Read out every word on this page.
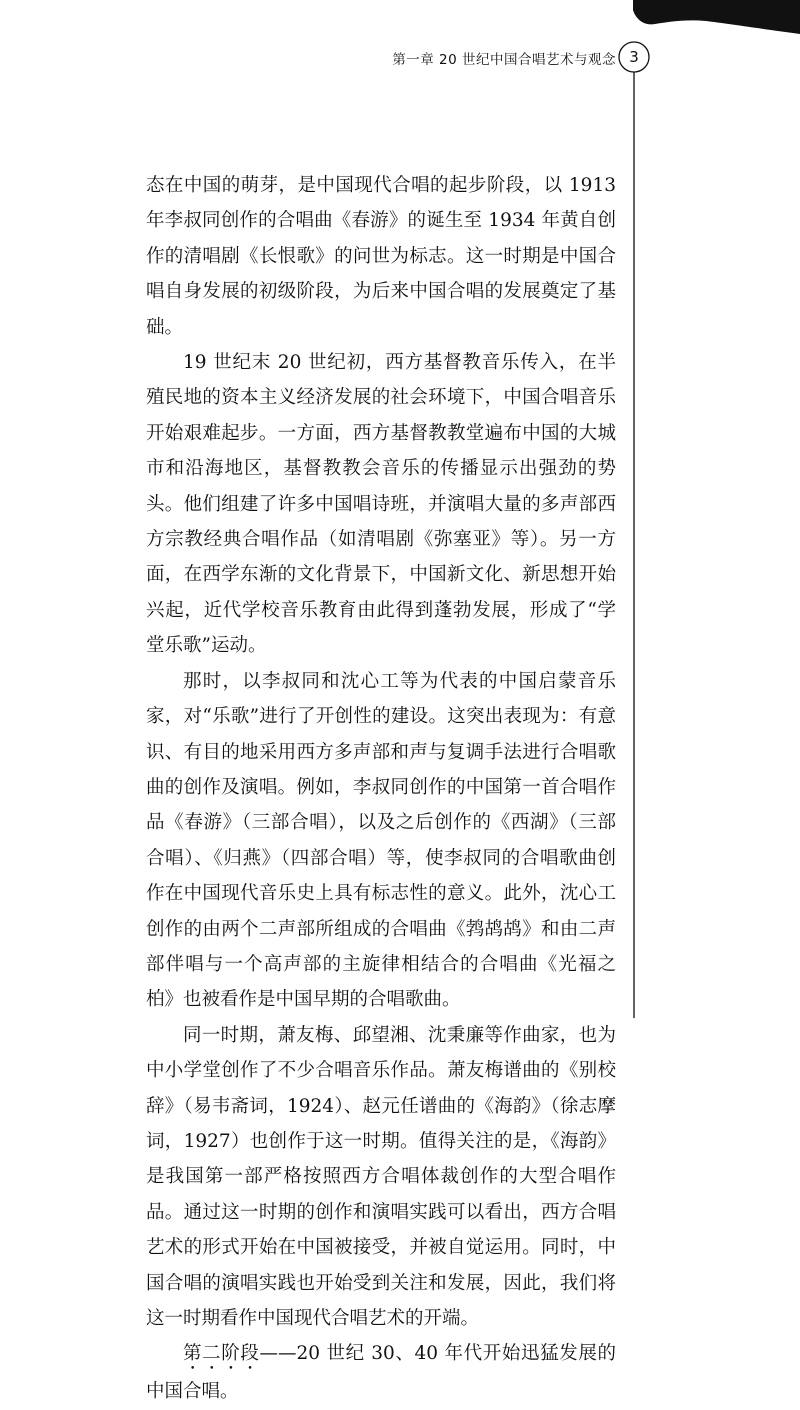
第一章 20 世纪中国合唱艺术与观念 3

态在中国的萌芽，是中国现代合唱的起步阶段，以 1913 年李叔同创作的合唱曲《春游》的诞生至 1934 年黄自创作的清唱剧《长恨歌》的问世为标志。这一时期是中国合唱自身发展的初级阶段，为后来中国合唱的发展奠定了基础。

19 世纪末 20 世纪初，西方基督教音乐传入，在半殖民地的资本主义经济发展的社会环境下，中国合唱音乐开始艰难起步。一方面，西方基督教教堂遍布中国的大城市和沿海地区，基督教教会音乐的传播显示出强劲的势头。他们组建了许多中国唱诗班，并演唱大量的多声部西方宗教经典合唱作品（如清唱剧《弥塞亚》等）。另一方面，在西学东渐的文化背景下，中国新文化、新思想开始兴起，近代学校音乐教育由此得到蓬勃发展，形成了“学堂乐歌”运动。

那时，以李叔同和沈心工等为代表的中国启蒙音乐家，对“乐歌”进行了开创性的建设。这突出表现为：有意识、有目的地采用西方多声部和声与复调手法进行合唱歌曲的创作及演唱。例如，李叔同创作的中国第一首合唱作品《春游》（三部合唱），以及之后创作的《西湖》（三部合唱）、《归燕》（四部合唱）等，使李叔同的合唱歌曲创作在中国现代音乐史上具有标志性的意义。此外，沈心工创作的由两个二声部所组成的合唱曲《鹁鸪鸪》和由二声部伴唱与一个高声部的主旋律相结合的合唱曲《光福之柏》也被看作是中国早期的合唱歌曲。

同一时期，萧友梅、邱望湘、沈秉廉等作曲家，也为中小学堂创作了不少合唱音乐作品。萧友梅谱曲的《别校辞》（易韦斋词，1924）、赵元任谱曲的《海韵》（徐志摩词，1927）也创作于这一时期。值得关注的是，《海韵》是我国第一部严格按照西方合唱体裁创作的大型合唱作品。通过这一时期的创作和演唱实践可以看出，西方合唱艺术的形式开始在中国被接受，并被自觉运用。同时，中国合唱的演唱实践也开始受到关注和发展，因此，我们将这一时期看作中国现代合唱艺术的开端。

第二阶段——20 世纪 30、40 年代开始迅猛发展的中国合唱。
